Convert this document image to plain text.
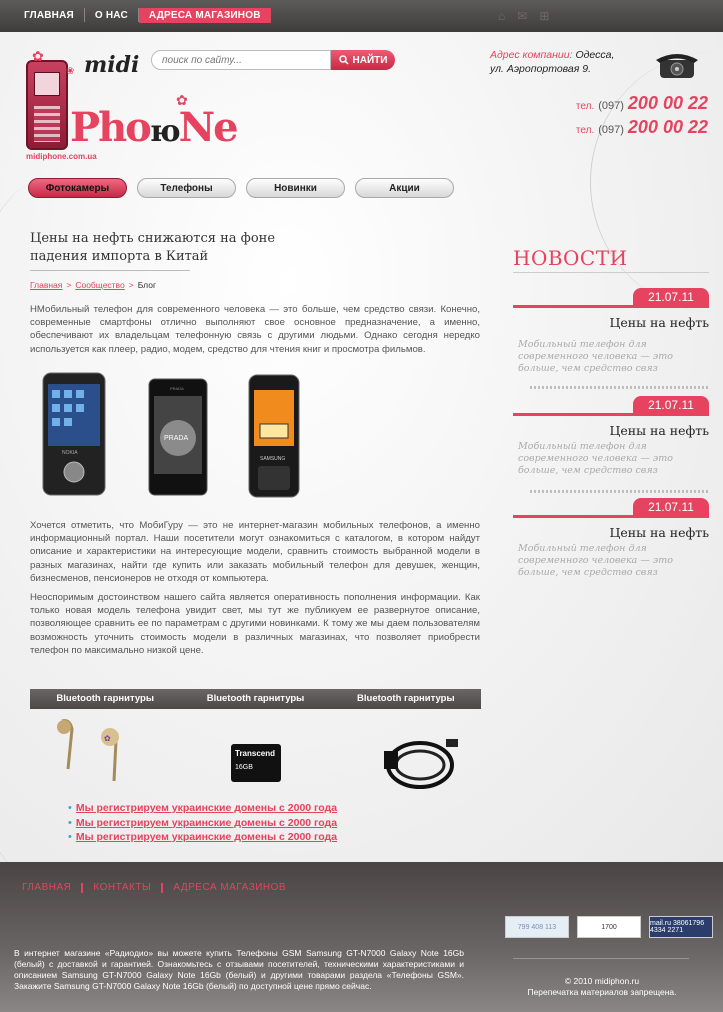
ГЛАВНАЯ	О НАС	АДРЕСА МАГАЗИНОВ	⌂ ✉ ⊞
✿
❀
✿
midi
PhoюNe
midiphone.com.ua
поиск по сайту...
НАЙТИ	Адрес компании: Одесса,
ул. Аэропортовая 9.
тел. (097) 200 00 22
тел. (097) 200 00 22
Фотокамеры	Телефоны	Новинки	Акции
Цены на нефть снижаются на фоне падения импорта в Китай
Главная > Сообщество > Блог
НМобильный телефон для современного человека — это больше, чем средство связи. Конечно, современные смартфоны отлично выполняют свое основное предназначение, а именно, обеспечивают их владельцам телефонную связь с другими людьми. Однако сегодня нередко используется как плеер, радио, модем, средство для чтения книг и просмотра фильмов.
NOKIA
PRADA
PRADA
SAMSUNG
Хочется отметить, что МобиГуру — это не интернет-магазин мобильных телефонов, а именно информационный портал. Наши посетители могут ознакомиться с каталогом, в котором найдут описание и характеристики на интересующие модели, сравнить стоимость выбранной модели в разных магазинах, найти где купить или заказать мобильный телефон для девушек, женщин, бизнесменов, пенсионеров не отходя от компьютера.
Неоспоримым достоинством нашего сайта является оперативность пополнения информации. Как только новая модель телефона увидит свет, мы тут же публикуем ее развернутое описание, позволяющее сравнить ее по параметрам с другими новинками. К тому же мы даем пользователям возможность уточнить стоимость модели в различных магазинах, что позволяет приобрести телефон по максимально низкой цене.
Bluetooth гарнитуры	Bluetooth гарнитуры	Bluetooth гарнитуры
✿
Transcend
16GB
• Мы регистрируем украинские домены с 2000 года
• Мы регистрируем украинские домены с 2000 года
• Мы регистрируем украинские домены с 2000 года
НОВОСТИ
21.07.11
Цены на нефть
Мобильный телефон для современного человека — это больше, чем средство связ
21.07.11
Цены на нефть
Мобильный телефон для современного человека — это больше, чем средство связ
21.07.11
Цены на нефть
Мобильный телефон для современного человека — это больше, чем средство связ
ГЛАВНАЯ КОНТАКТЫ АДРЕСА МАГАЗИНОВ
В интернет магазине «Радиодио» вы можете купить Телефоны GSM Samsung GT-N7000 Galaxy Note 16Gb (белый) с доставкой и гарантией. Ознакомьтесь с отзывами посетителей, техническими характеристиками и описанием Samsung GT-N7000 Galaxy Note 16Gb (белый) и другими товарами раздела «Телефоны GSM». Закажите Samsung GT-N7000 Galaxy Note 16Gb (белый) по доступной цене прямо сейчас.
799 408 113	1700	mail.ru 38061796 4334 2271
© 2010 midiphon.ru
Перепечатка материалов запрещена.
